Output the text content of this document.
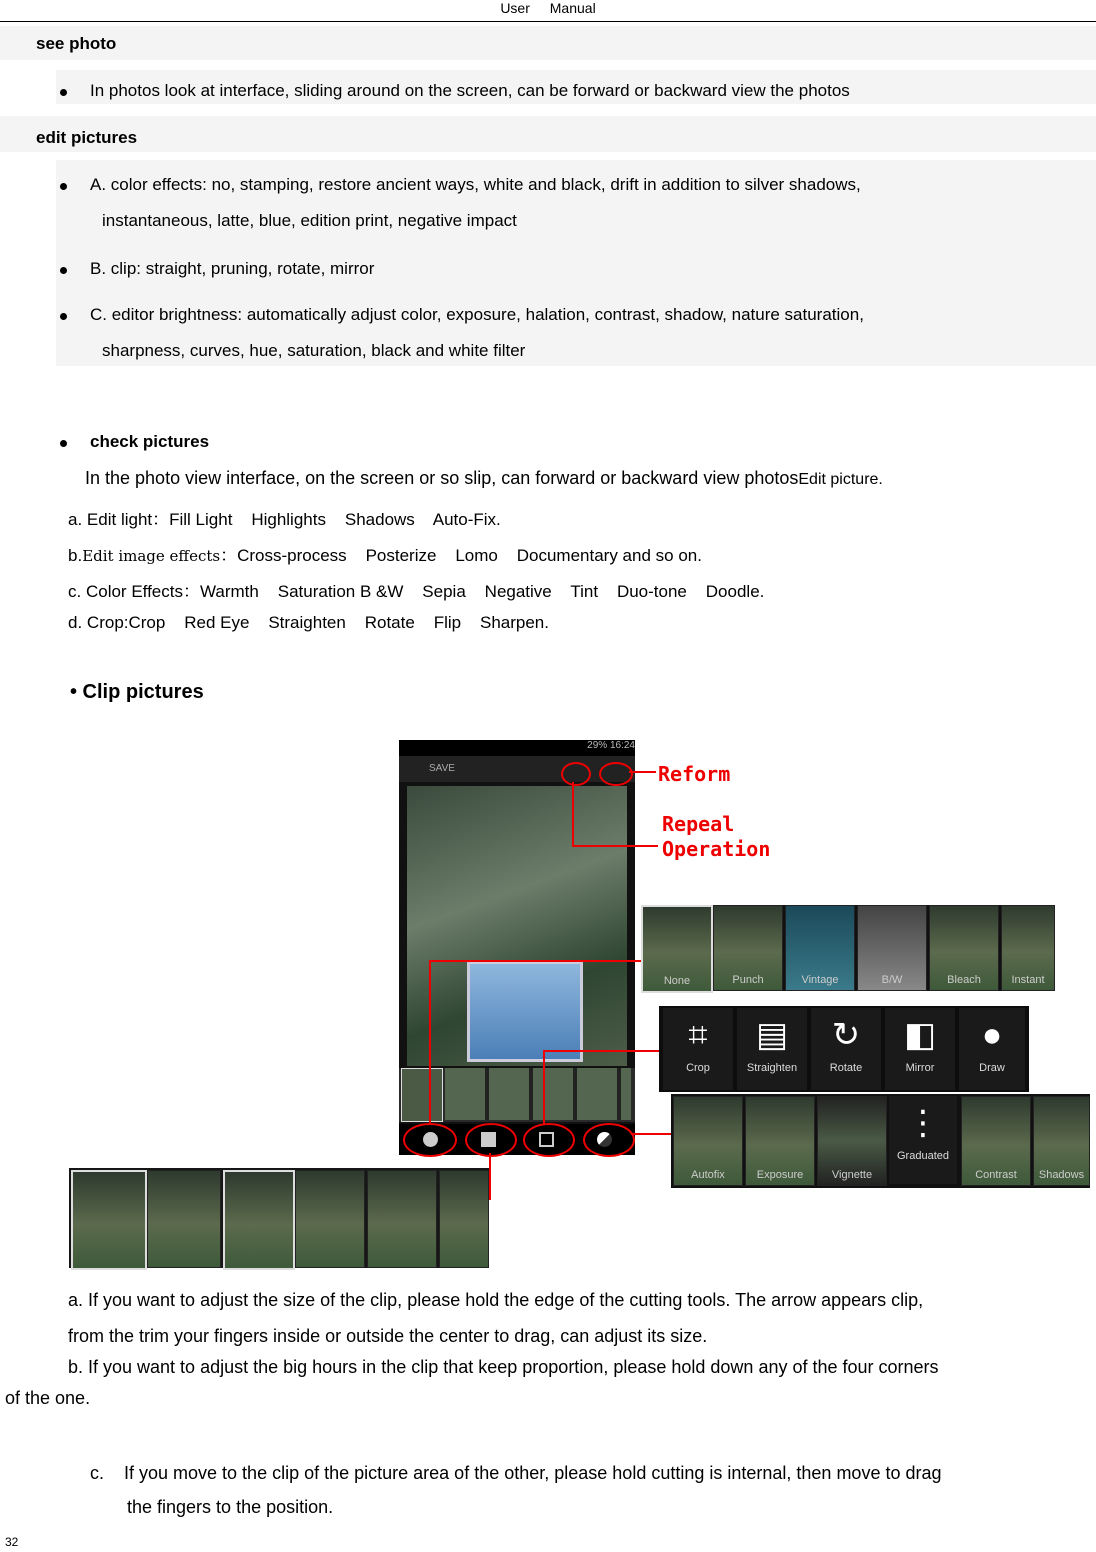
User Manual
see photo
In photos look at interface, sliding around on the screen, can be forward or backward view the photos
edit pictures
A. color effects: no, stamping, restore ancient ways, white and black, drift in addition to silver shadows,
instantaneous, latte, blue, edition print, negative impact
B. clip: straight, pruning, rotate, mirror
C. editor brightness: automatically adjust color, exposure, halation, contrast, shadow, nature saturation,
sharpness, curves, hue, saturation, black and white filter
check pictures
In the photo view interface, on the screen or so slip, can forward or backward view photosEdit picture.
a. Edit light：Fill Light    Highlights    Shadows    Auto-Fix.
b.Edit image effects：Cross-process    Posterize    Lomo    Documentary and so on.
c. Color Effects：Warmth    Saturation B &W    Sepia    Negative    Tint    Duo-tone    Doodle.
d. Crop:Crop    Red Eye    Straighten    Rotate    Flip    Sharpen.
• Clip pictures
29% 16:24
SAVE	Reform
Repeal
Operation
None	Punch	Vintage	B/W	Bleach	Instant
⌗
Crop
▤
Straighten
↻
Rotate
◧
Mirror
●
Draw
Autofix	Exposure	Vignette
⋮
Graduated
Contrast	Shadows
a. If you want to adjust the size of the clip, please hold the edge of the cutting tools. The arrow appears clip,
from the trim your fingers inside or outside the center to drag, can adjust its size.
b. If you want to adjust the big hours in the clip that keep proportion, please hold down any of the four corners
of the one.
c.    If you move to the clip of the picture area of the other, please hold cutting is internal, then move to drag
the fingers to the position.
32
